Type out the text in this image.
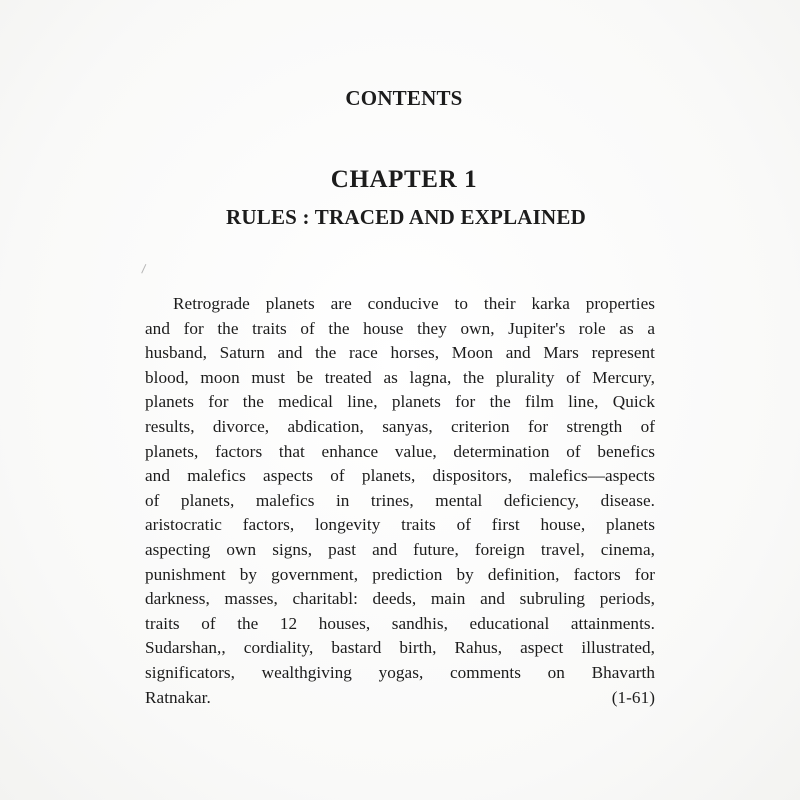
CONTENTS
CHAPTER 1
RULES : TRACED AND EXPLAINED
Retrograde planets are conducive to their karka properties
and for the traits of the house they own, Jupiter's role as a
husband, Saturn and the race horses, Moon and Mars represent
blood, moon must be treated as lagna, the plurality of Mercury,
planets for the medical line, planets for the film line, Quick
results, divorce, abdication, sanyas, criterion for strength of
planets, factors that enhance value, determination of benefics
and malefics aspects of planets, dispositors, malefics—aspects
of planets, malefics in trines, mental deficiency, disease.
aristocratic factors, longevity traits of first house, planets
aspecting own signs, past and future, foreign travel, cinema,
punishment by government, prediction by definition, factors for
darkness, masses, charitabl: deeds, main and subruling periods,
traits of the 12 houses, sandhis, educational attainments.
Sudarshan,, cordiality, bastard birth, Rahus, aspect illustrated,
significators, wealthgiving yogas, comments on Bhavarth
Ratnakar.	(1-61)
